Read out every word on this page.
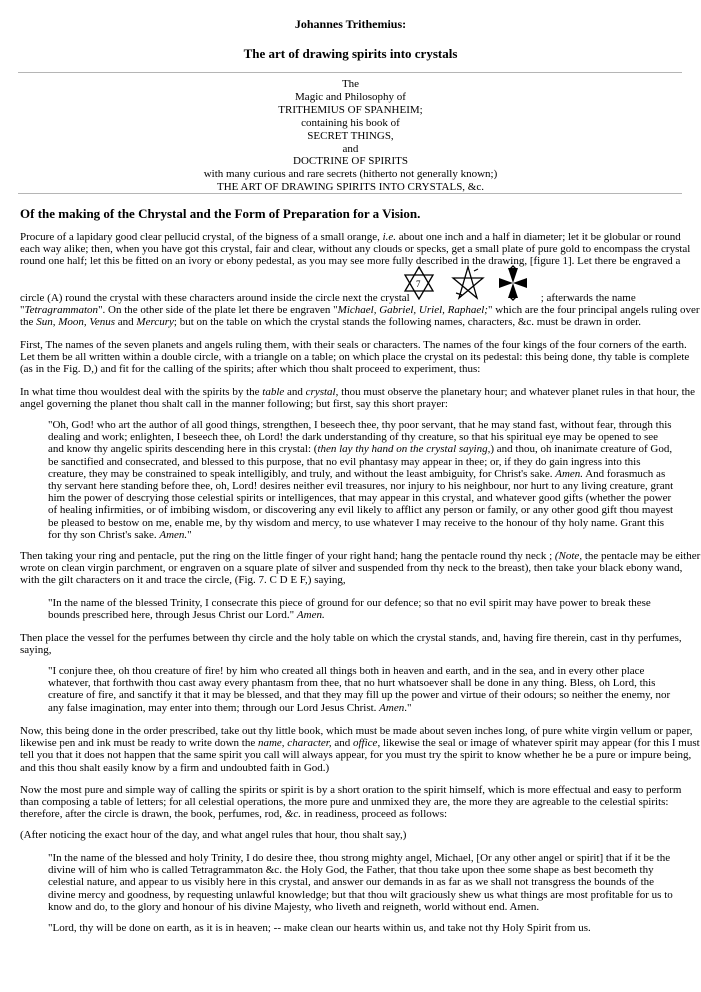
Johannes Trithemius:
The art of drawing spirits into crystals
The
Magic and Philosophy of
TRITHEMIUS OF SPANHEIM;
containing his book of
SECRET THINGS,
and
DOCTRINE OF SPIRITS
with many curious and rare secrets (hitherto not generally known;)
THE ART OF DRAWING SPIRITS INTO CRYSTALS, &c.
Of the making of the Chrystal and the Form of Preparation for a Vision.
Procure of a lapidary good clear pellucid crystal, of the bigness of a small orange, i.e. about one inch and a half in diameter; let it be globular or round
each way alike; then, when you have got this crystal, fair and clear, without any clouds or specks, get a small plate of pure gold to encompass the crystal
round one half; let this be fitted on an ivory or ebony pedestal, as you may see more fully described in the drawing, [figure 1]. Let there be engraved a
circle (A) round the crystal with these characters around inside the circle next the crystal	; afterwards the name
"Tetragrammaton". On the other side of the plate let there be engraven "Michael, Gabriel, Uriel, Raphael;" which are the four principal angels ruling over
the Sun, Moon, Venus and Mercury; but on the table on which the crystal stands the following names, characters, &c. must be drawn in order.
7
First, The names of the seven planets and angels ruling them, with their seals or characters. The names of the four kings of the four corners of the earth.
Let them be all written within a double circle, with a triangle on a table; on which place the crystal on its pedestal: this being done, thy table is complete
(as in the Fig. D,) and fit for the calling of the spirits; after which thou shalt proceed to experiment, thus:
In what time thou wouldest deal with the spirits by the table and crystal, thou must observe the planetary hour; and whatever planet rules in that hour, the
angel governing the planet thou shalt call in the manner following; but first, say this short prayer:
"Oh, God! who art the author of all good things, strengthen, I beseech thee, thy poor servant, that he may stand fast, without fear, through this
dealing and work; enlighten, I beseech thee, oh Lord! the dark understanding of thy creature, so that his spiritual eye may be opened to see
and know thy angelic spirits descending here in this crystal: (then lay thy hand on the crystal saying,) and thou, oh inanimate creature of God,
be sanctified and consecrated, and blessed to this purpose, that no evil phantasy may appear in thee; or, if they do gain ingress into this
creature, they may be constrained to speak intelligibly, and truly, and without the least ambiguity, for Christ's sake. Amen. And forasmuch as
thy servant here standing before thee, oh, Lord! desires neither evil treasures, nor injury to his neighbour, nor hurt to any living creature, grant
him the power of descrying those celestial spirits or intelligences, that may appear in this crystal, and whatever good gifts (whether the power
of healing infirmities, or of imbibing wisdom, or discovering any evil likely to afflict any person or family, or any other good gift thou mayest
be pleased to bestow on me, enable me, by thy wisdom and mercy, to use whatever I may receive to the honour of thy holy name. Grant this
for thy son Christ's sake. Amen."
Then taking your ring and pentacle, put the ring on the little finger of your right hand; hang the pentacle round thy neck ; (Note, the pentacle may be either
wrote on clean virgin parchment, or engraven on a square plate of silver and suspended from thy neck to the breast), then take your black ebony wand,
with the gilt characters on it and trace the circle, (Fig. 7. C D E F,) saying,
"In the name of the blessed Trinity, I consecrate this piece of ground for our defence; so that no evil spirit may have power to break these
bounds prescribed here, through Jesus Christ our Lord." Amen.
Then place the vessel for the perfumes between thy circle and the holy table on which the crystal stands, and, having fire therein, cast in thy perfumes,
saying,
"I conjure thee, oh thou creature of fire! by him who created all things both in heaven and earth, and in the sea, and in every other place
whatever, that forthwith thou cast away every phantasm from thee, that no hurt whatsoever shall be done in any thing. Bless, oh Lord, this
creature of fire, and sanctify it that it may be blessed, and that they may fill up the power and virtue of their odours; so neither the enemy, nor
any false imagination, may enter into them; through our Lord Jesus Christ. Amen."
Now, this being done in the order prescribed, take out thy little book, which must be made about seven inches long, of pure white virgin vellum or paper,
likewise pen and ink must be ready to write down the name, character, and office, likewise the seal or image of whatever spirit may appear (for this I must
tell you that it does not happen that the same spirit you call will always appear, for you must try the spirit to know whether he be a pure or impure being,
and this thou shalt easily know by a firm and undoubted faith in God.)
Now the most pure and simple way of calling the spirits or spirit is by a short oration to the spirit himself, which is more effectual and easy to perform
than composing a table of letters; for all celestial operations, the more pure and unmixed they are, the more they are agreable to the celestial spirits:
therefore, after the circle is drawn, the book, perfumes, rod, &c. in readiness, proceed as follows:
(After noticing the exact hour of the day, and what angel rules that hour, thou shalt say,)
"In the name of the blessed and holy Trinity, I do desire thee, thou strong mighty angel, Michael, [Or any other angel or spirit] that if it be the
divine will of him who is called Tetragrammaton &c. the Holy God, the Father, that thou take upon thee some shape as best becometh thy
celestial nature, and appear to us visibly here in this crystal, and answer our demands in as far as we shall not transgress the bounds of the
divine mercy and goodness, by requesting unlawful knowledge; but that thou wilt graciously shew us what things are most profitable for us to
know and do, to the glory and honour of his divine Majesty, who liveth and reigneth, world without end. Amen.
"Lord, thy will be done on earth, as it is in heaven; -- make clean our hearts within us, and take not thy Holy Spirit from us.
